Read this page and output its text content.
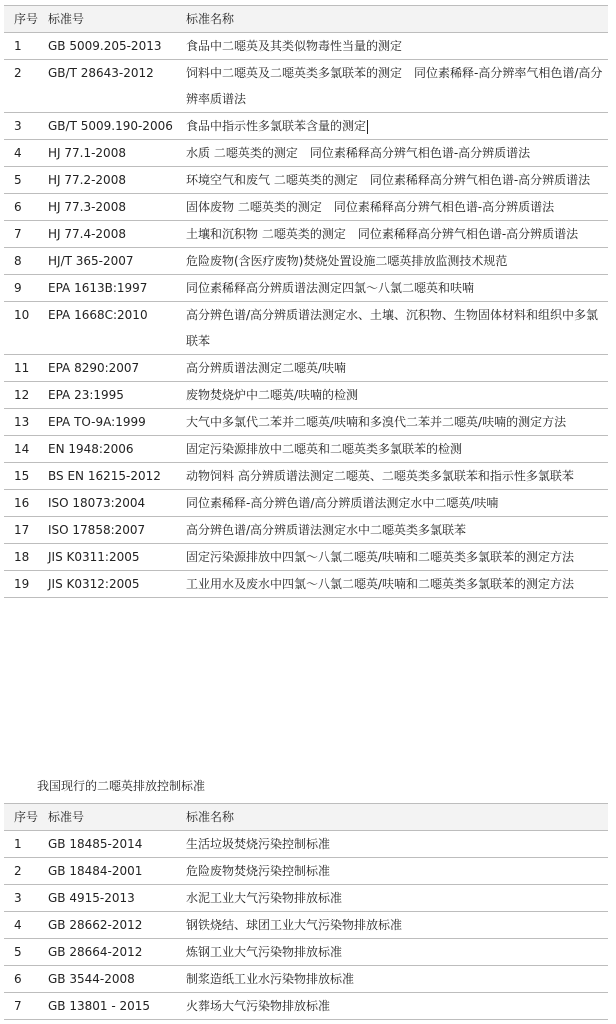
序号	标准号	标准名称
1	GB 5009.205-2013	食品中二噁英及其类似物毒性当量的测定
2	GB/T 28643-2012	饲料中二噁英及二噁英类多氯联苯的测定　同位素稀释-高分辨率气相色谱/高分辨率质谱法
3	GB/T 5009.190-2006	食品中指示性多氯联苯含量的测定
4	HJ 77.1-2008	水质 二噁英类的测定　同位素稀释高分辨气相色谱-高分辨质谱法
5	HJ 77.2-2008	环境空气和废气 二噁英类的测定　同位素稀释高分辨气相色谱-高分辨质谱法
6	HJ 77.3-2008	固体废物 二噁英类的测定　同位素稀释高分辨气相色谱-高分辨质谱法
7	HJ 77.4-2008	土壤和沉积物 二噁英类的测定　同位素稀释高分辨气相色谱-高分辨质谱法
8	HJ/T 365-2007	危险废物(含医疗废物)焚烧处置设施二噁英排放监测技术规范
9	EPA 1613B:1997	同位素稀释高分辨质谱法测定四氯～八氯二噁英和呋喃
10	EPA 1668C:2010	高分辨色谱/高分辨质谱法测定水、土壤、沉积物、生物固体材料和组织中多氯联苯
11	EPA 8290:2007	高分辨质谱法测定二噁英/呋喃
12	EPA 23:1995	废物焚烧炉中二噁英/呋喃的检测
13	EPA TO-9A:1999	大气中多氯代二苯并二噁英/呋喃和多溴代二苯并二噁英/呋喃的测定方法
14	EN 1948:2006	固定污染源排放中二噁英和二噁英类多氯联苯的检测
15	BS EN 16215-2012	动物饲料 高分辨质谱法测定二噁英、二噁英类多氯联苯和指示性多氯联苯
16	ISO 18073:2004	同位素稀释-高分辨色谱/高分辨质谱法测定水中二噁英/呋喃
17	ISO 17858:2007	高分辨色谱/高分辨质谱法测定水中二噁英类多氯联苯
18	JIS K0311:2005	固定污染源排放中四氯～八氯二噁英/呋喃和二噁英类多氯联苯的测定方法
19	JIS K0312:2005	工业用水及废水中四氯～八氯二噁英/呋喃和二噁英类多氯联苯的测定方法
我国现行的二噁英排放控制标准
序号	标准号	标准名称
1	GB 18485-2014	生活垃圾焚烧污染控制标准
2	GB 18484-2001	危险废物焚烧污染控制标准
3	GB 4915-2013	水泥工业大气污染物排放标准
4	GB 28662-2012	钢铁烧结、球团工业大气污染物排放标准
5	GB 28664-2012	炼钢工业大气污染物排放标准
6	GB 3544-2008	制浆造纸工业水污染物排放标准
7	GB 13801 - 2015	火葬场大气污染物排放标准
